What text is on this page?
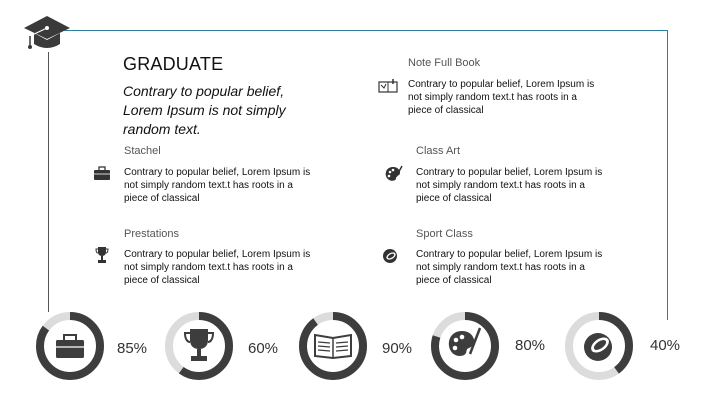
GRADUATE
Contrary to popular belief, Lorem Ipsum is not simply random text.
Note Full Book
Contrary to popular belief, Lorem Ipsum is not simply random text.t has roots in a piece of classical
Stachel
Contrary to popular belief, Lorem Ipsum is not simply random text.t has roots in a piece of classical
Class Art
Contrary to popular belief, Lorem Ipsum is not simply random text.t has roots in a piece of classical
Prestations
Contrary to popular belief, Lorem Ipsum is not simply random text.t has roots in a piece of classical
Sport Class
Contrary to popular belief, Lorem Ipsum is not simply random text.t has roots in a piece of classical
85%	60%	90%	80%	40%
